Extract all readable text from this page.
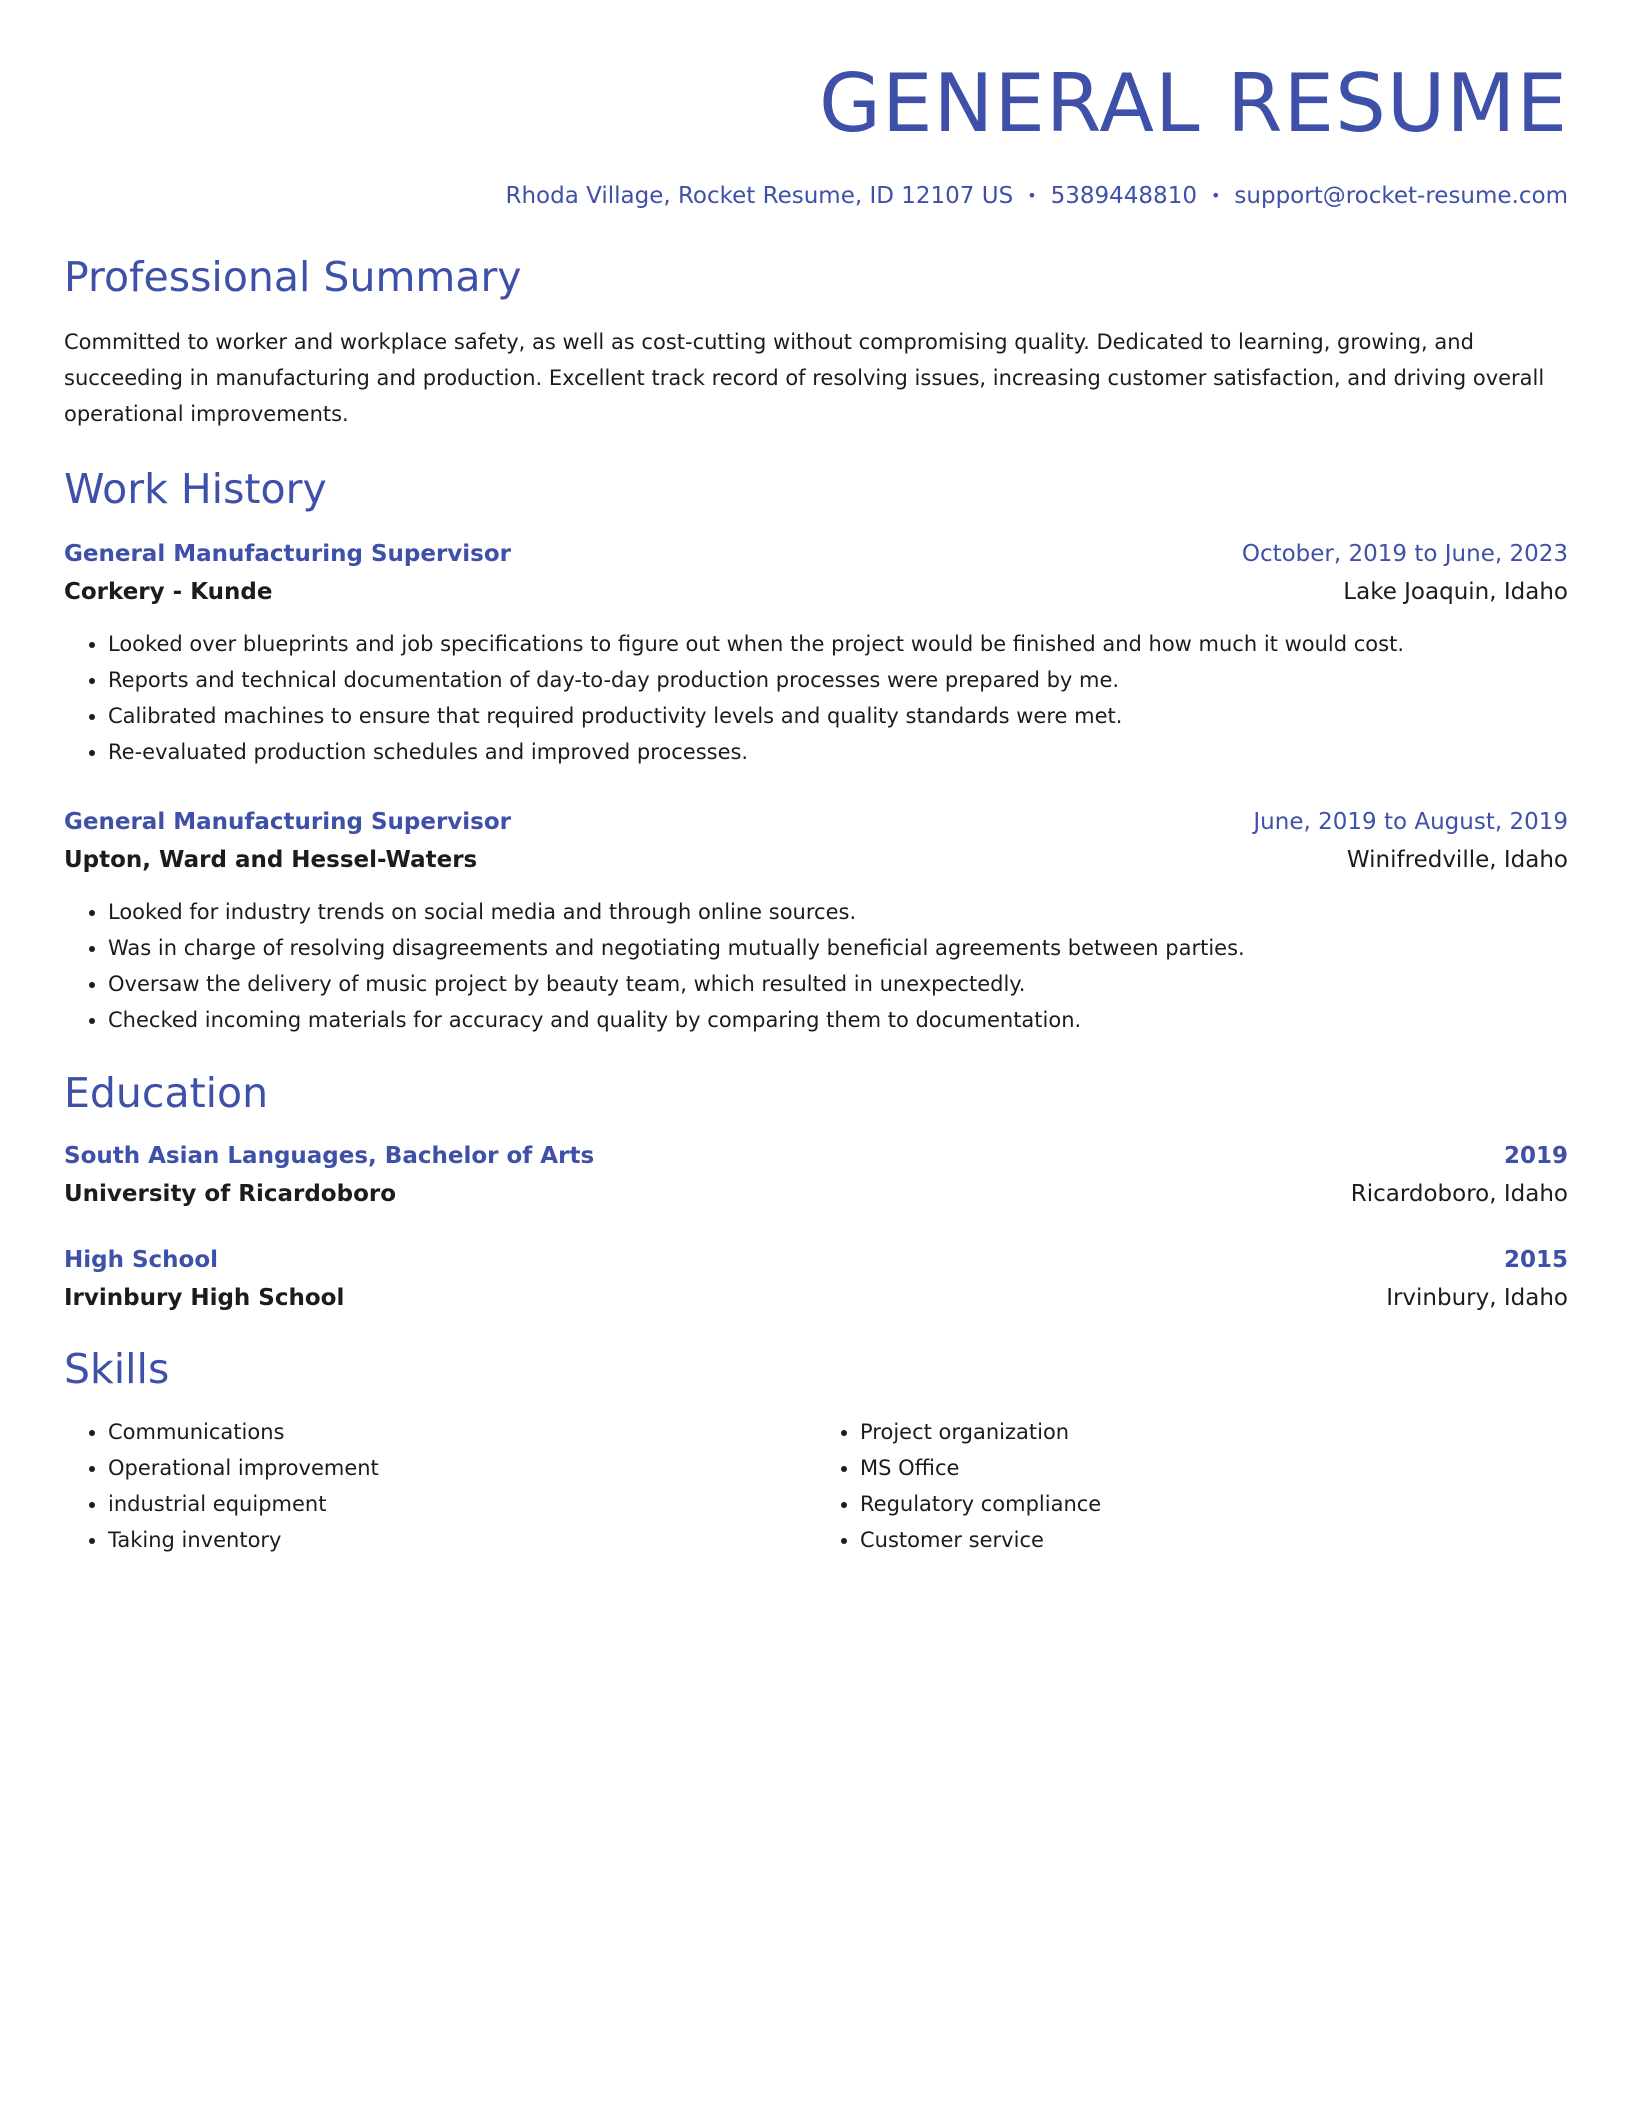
GENERAL RESUME
Rhoda Village, Rocket Resume, ID 12107 US • 5389448810 • support@rocket-resume.com
Professional Summary
Committed to worker and workplace safety, as well as cost-cutting without compromising quality. Dedicated to learning, growing, and succeeding in manufacturing and production. Excellent track record of resolving issues, increasing customer satisfaction, and driving overall operational improvements.
Work History
General Manufacturing Supervisor	October, 2019 to June, 2023
Corkery - Kunde	Lake Joaquin, Idaho
• Looked over blueprints and job specifications to figure out when the project would be finished and how much it would cost.
• Reports and technical documentation of day-to-day production processes were prepared by me.
• Calibrated machines to ensure that required productivity levels and quality standards were met.
• Re-evaluated production schedules and improved processes.
General Manufacturing Supervisor	June, 2019 to August, 2019
Upton, Ward and Hessel-Waters	Winifredville, Idaho
• Looked for industry trends on social media and through online sources.
• Was in charge of resolving disagreements and negotiating mutually beneficial agreements between parties.
• Oversaw the delivery of music project by beauty team, which resulted in unexpectedly.
• Checked incoming materials for accuracy and quality by comparing them to documentation.
Education
South Asian Languages, Bachelor of Arts	2019
University of Ricardoboro	Ricardoboro, Idaho
High School	2015
Irvinbury High School	Irvinbury, Idaho
Skills
• Communications
• Operational improvement
• industrial equipment
• Taking inventory
• Project organization
• MS Office
• Regulatory compliance
• Customer service
